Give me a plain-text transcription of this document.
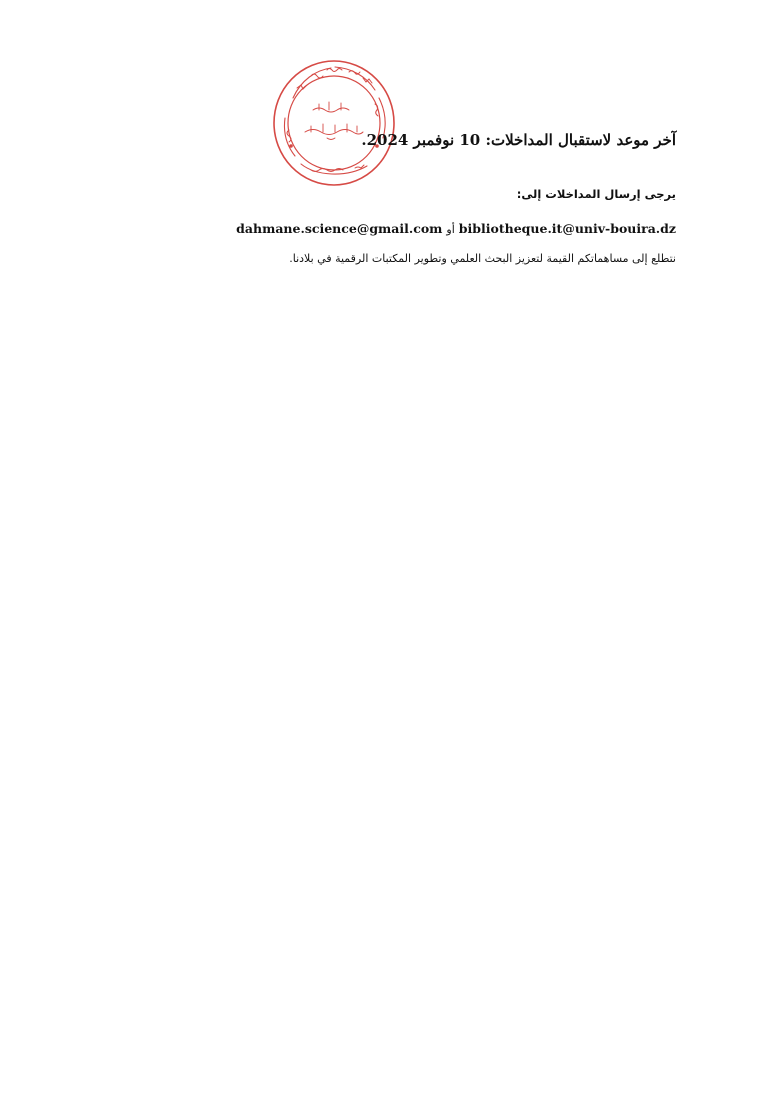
آخر موعد لاستقبال المداخلات: 10 نوفمبر 2024.

يرجى إرسال المداخلات إلى:

bibliotheque.it@univ-bouira.dzأوdahmane.science@gmail.com

نتطلع إلى مساهماتكم القيمة لتعزيز البحث العلمي وتطوير المكتبات الرقمية في بلادنا.
